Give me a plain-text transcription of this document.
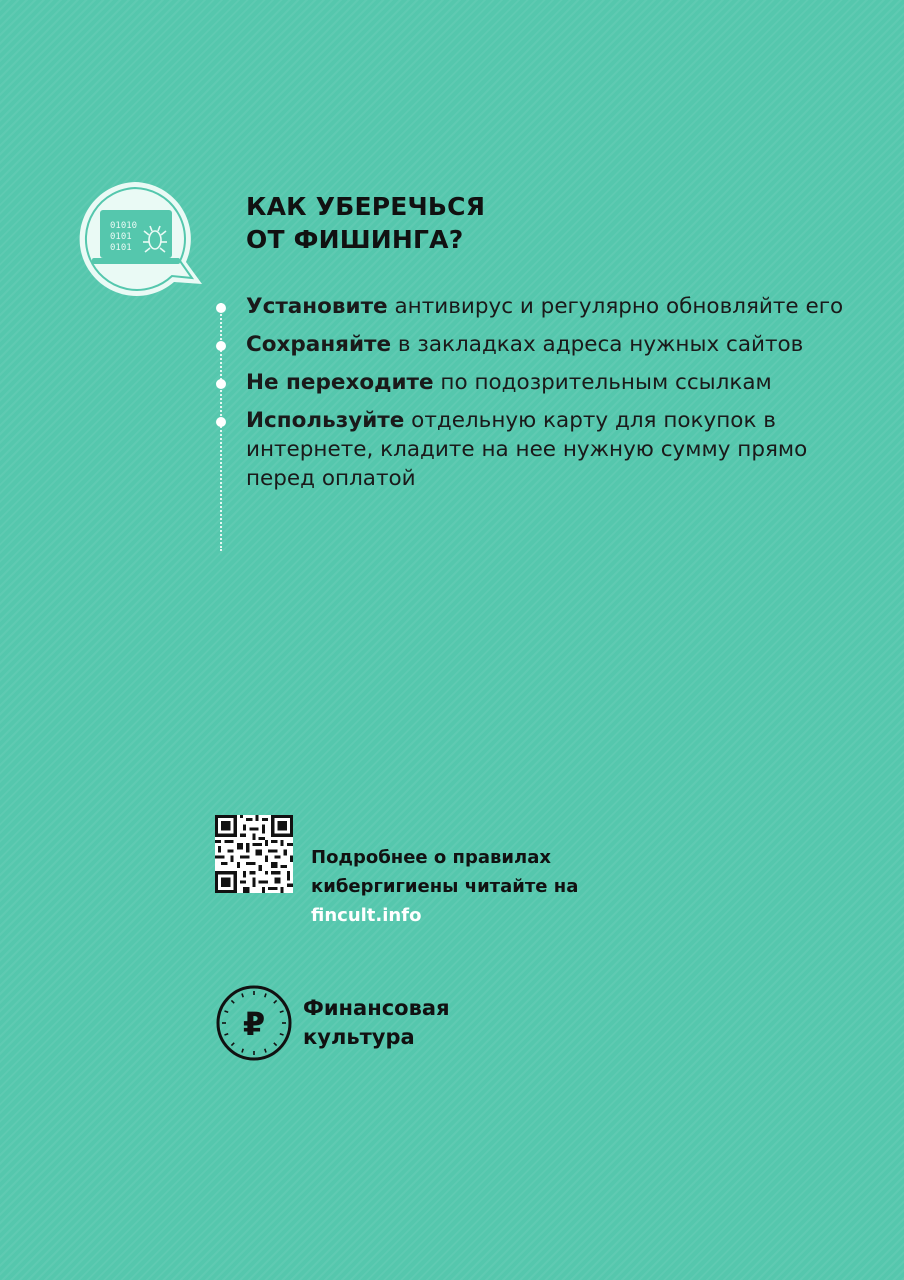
01010
0101
0101
КАК УБЕРЕЧЬСЯ
ОТ ФИШИНГА?
Установите антивирус и регулярно обновляйте его
Сохраняйте в закладках адреса нужных сайтов
Не переходите по подозрительным ссылкам
Используйте отдельную карту для покупок в интернете, кладите на нее нужную сумму прямо перед оплатой
Подробнее о правилах
кибергигиены читайте на
fincult.info
₽ Финансовая
культура
